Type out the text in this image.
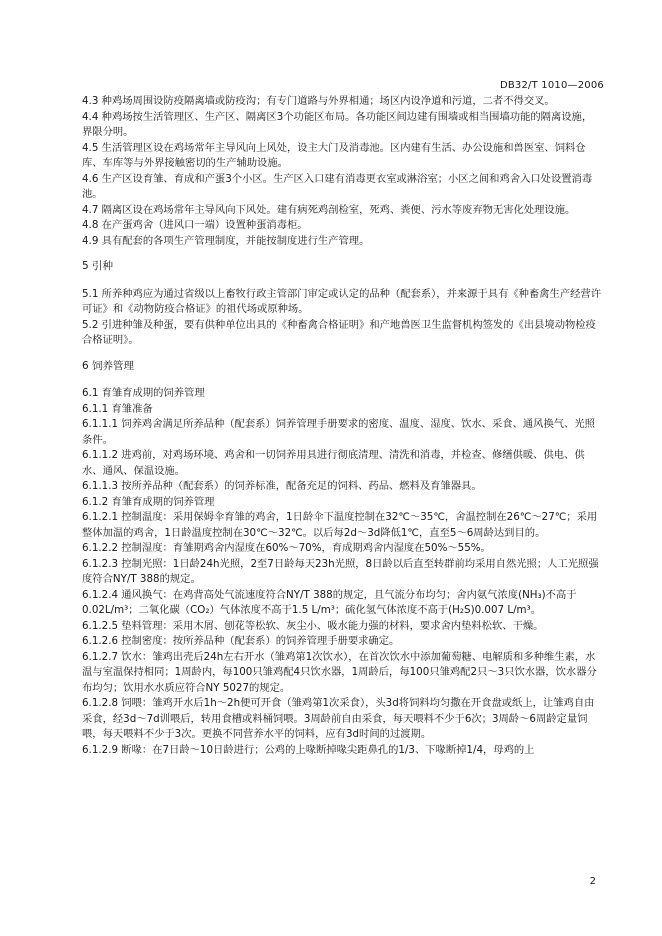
DB32/T 1010—2006

4.3 种鸡场周围设防疫隔离墙或防疫沟；有专门道路与外界相通；场区内设净道和污道，二者不得交叉。

4.4 种鸡场按生活管理区、生产区、隔离区3个功能区布局。各功能区间边建有围墙或相当围墙功能的隔离设施，界限分明。

4.5 生活管理区设在鸡场常年主导风向上风处，设主大门及消毒池。区内建有生活、办公设施和兽医室、饲料仓库、车库等与外界接触密切的生产辅助设施。

4.6 生产区设育雏、育成和产蛋3个小区。生产区入口建有消毒更衣室或淋浴室；小区之间和鸡舍入口处设置消毒池。

4.7 隔离区设在鸡场常年主导风向下风处。建有病死鸡剖检室，死鸡、粪便、污水等废弃物无害化处理设施。

4.8 在产蛋鸡舍（进风口一端）设置种蛋消毒柜。

4.9 具有配套的各项生产管理制度，并能按制度进行生产管理。

5 引种

5.1 所养种鸡应为通过省级以上畜牧行政主管部门审定或认定的品种（配套系），并来源于具有《种畜禽生产经营许可证》和《动物防疫合格证》的祖代场或原种场。

5.2 引进种雏及种蛋，要有供种单位出具的《种畜禽合格证明》和产地兽医卫生监督机构签发的《出县境动物检疫合格证明》。

6 饲养管理

6.1 育雏育成期的饲养管理

6.1.1 育雏准备

6.1.1.1 饲养鸡舍满足所养品种（配套系）饲养管理手册要求的密度、温度、湿度、饮水、采食、通风换气、光照条件。

6.1.1.2 进鸡前，对鸡场环境、鸡舍和一切饲养用具进行彻底清理、清洗和消毒，并检查、修缮供暖、供电、供水、通风、保温设施。

6.1.1.3 按所养品种（配套系）的饲养标准，配备充足的饲料、药品、燃料及育雏器具。

6.1.2 育雏育成期的饲养管理

6.1.2.1 控制温度：采用保姆伞育雏的鸡舍，1日龄伞下温度控制在32℃～35℃，舍温控制在26℃～27℃；采用整体加温的鸡舍，1日龄温度控制在30℃～32℃。以后每2d～3d降低1℃，直至5～6周龄达到目的。

6.1.2.2 控制湿度：育雏期鸡舍内湿度在60%～70%，育成期鸡舍内湿度在50%～55%。

6.1.2.3 控制光照：1日龄24h光照，2至7日龄每天23h光照，8日龄以后直至转群前均采用自然光照；人工光照强度符合NY/T 388的规定。

6.1.2.4 通风换气：在鸡背高处气流速度符合NY/T 388的规定，且气流分布均匀；舍内氨气浓度(NH₃)不高于0.02L/m³；二氧化碳（CO₂）气体浓度不高于1.5 L/m³；硫化氢气体浓度不高于(H₂S)0.007 L/m³。

6.1.2.5 垫料管理：采用木屑、刨花等松软、灰尘小、吸水能力强的材料，要求舍内垫料松软、干燥。

6.1.2.6 控制密度：按所养品种（配套系）的饲养管理手册要求确定。

6.1.2.7 饮水：雏鸡出壳后24h左右开水（雏鸡第1次饮水），在首次饮水中添加葡萄糖、电解质和多种维生素，水温与室温保持相同；1周龄内，每100只雏鸡配4只饮水器，1周龄后，每100只雏鸡配2只～3只饮水器，饮水器分布均匀；饮用水水质应符合NY 5027的规定。

6.1.2.8 饲喂：雏鸡开水后1h～2h便可开食（雏鸡第1次采食），头3d将饲料均匀撒在开食盘或纸上，让雏鸡自由采食，经3d～7d训喂后，转用食槽或料桶饲喂。3周龄前自由采食，每天喂料不少于6次；3周龄～6周龄定量饲喂，每天喂料不少于3次。更换不同营养水平的饲料，应有3d时间的过渡期。

6.1.2.9 断喙：在7日龄～10日龄进行；公鸡的上喙断掉喙尖距鼻孔的1/3、下喙断掉1/4，母鸡的上

2
